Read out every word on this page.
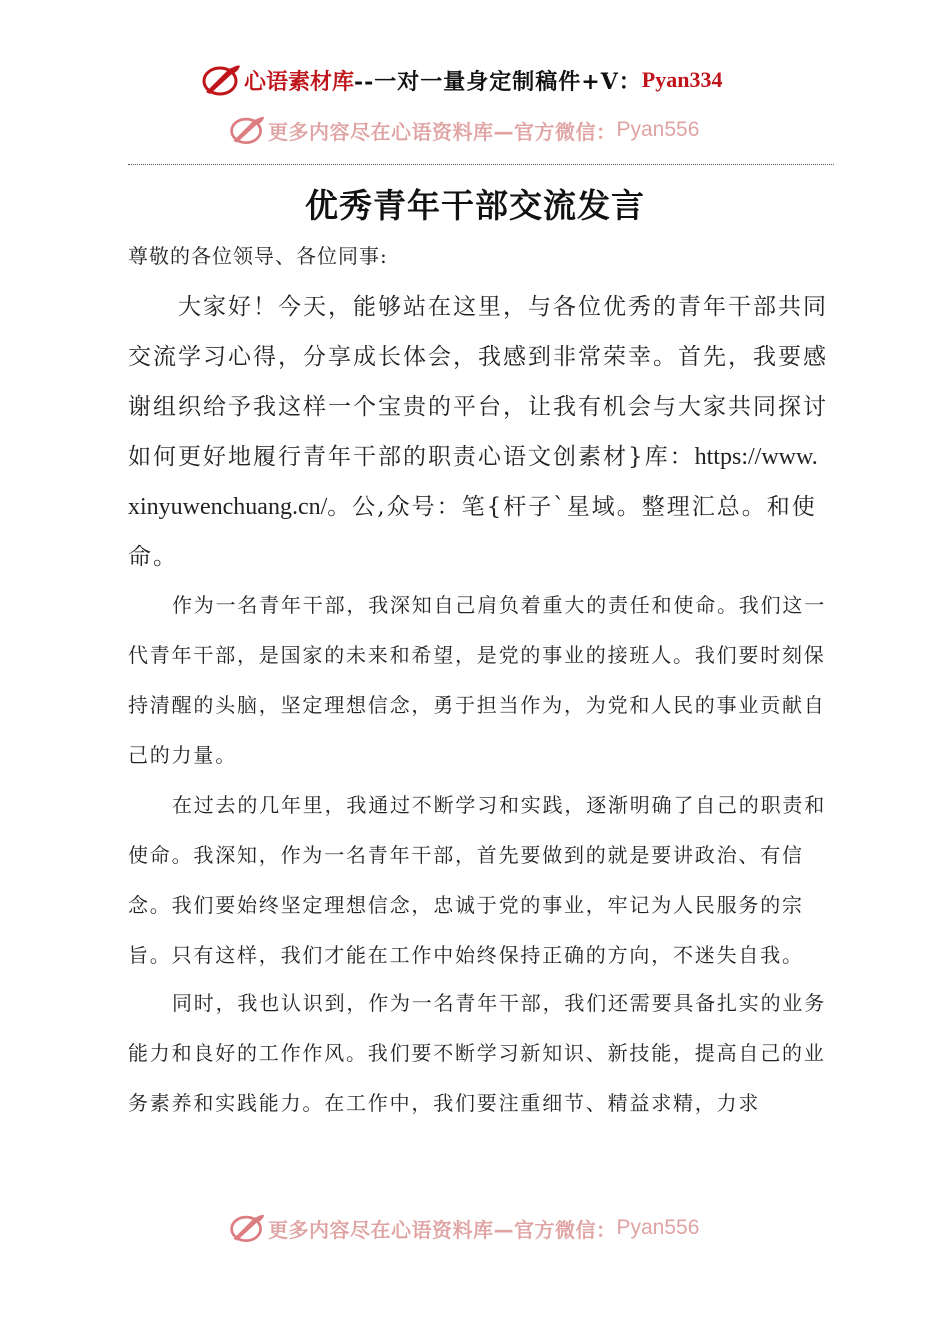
心语素材库 --一对一量身定制稿件+V： Pyan334
更多内容尽在心语资料库—官方微信： Pyan556
优秀青年干部交流发言
尊敬的各位领导、各位同事:
大家好！今天，能够站在这里，与各位优秀的青年干部共同交流学习心得，分享成长体会，我感到非常荣幸。首先，我要感谢组织给予我这样一个宝贵的平台，让我有机会与大家共同探讨如何更好地履行青年干部的职责心语文创素材}库：https://www.xinyuwenchuang.cn/。公,众号：笔{杆子`星域。整理汇总。和使命。
作为一名青年干部，我深知自己肩负着重大的责任和使命。我们这一代青年干部，是国家的未来和希望，是党的事业的接班人。我们要时刻保持清醒的头脑，坚定理想信念，勇于担当作为，为党和人民的事业贡献自己的力量。
在过去的几年里，我通过不断学习和实践，逐渐明确了自己的职责和使命。我深知，作为一名青年干部，首先要做到的就是要讲政治、有信念。我们要始终坚定理想信念，忠诚于党的事业，牢记为人民服务的宗旨。只有这样，我们才能在工作中始终保持正确的方向，不迷失自我。
同时，我也认识到，作为一名青年干部，我们还需要具备扎实的业务能力和良好的工作作风。我们要不断学习新知识、新技能，提高自己的业务素养和实践能力。在工作中，我们要注重细节、精益求精，力求
更多内容尽在心语资料库—官方微信： Pyan556
